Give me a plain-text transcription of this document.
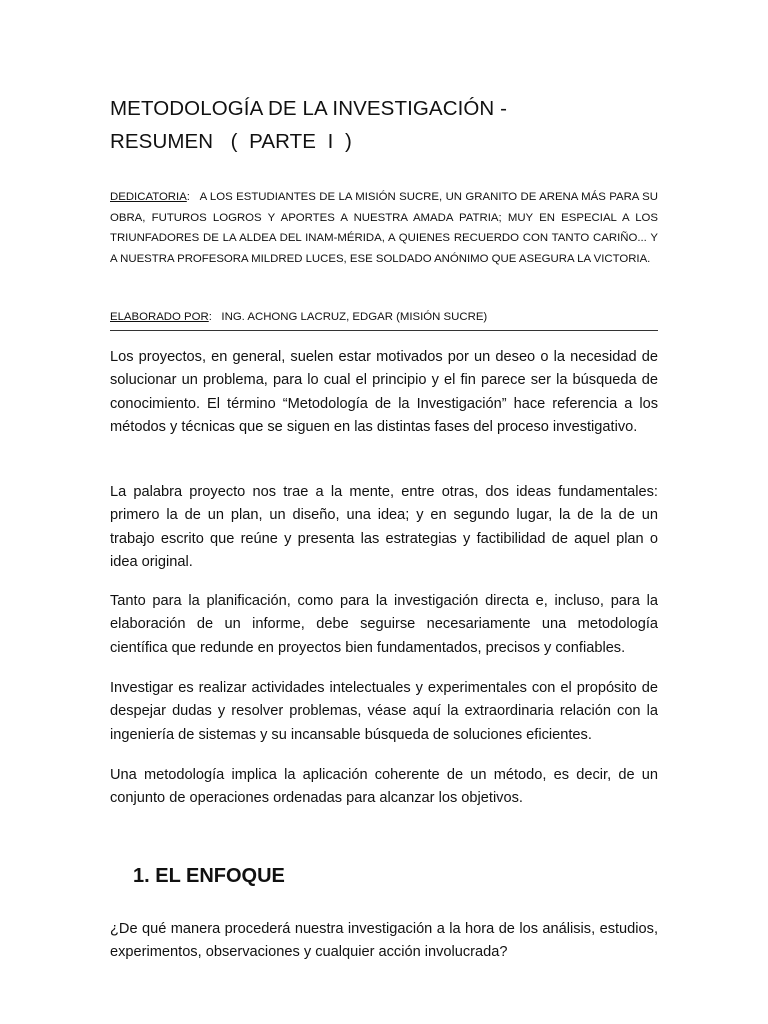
METODOLOGÍA DE LA INVESTIGACIÓN -
RESUMEN   (  PARTE  I  )

DEDICATORIA:   A LOS ESTUDIANTES DE LA MISIÓN SUCRE, UN GRANITO DE ARENA MÁS PARA SU OBRA, FUTUROS LOGROS Y APORTES A NUESTRA AMADA PATRIA; MUY EN ESPECIAL A LOS TRIUNFADORES DE LA ALDEA DEL INAM-MÉRIDA, A QUIENES RECUERDO CON TANTO CARIÑO... Y A NUESTRA PROFESORA MILDRED LUCES, ESE SOLDADO ANÓNIMO QUE ASEGURA LA VICTORIA.

ELABORADO POR:   ING. ACHONG LACRUZ, EDGAR (MISIÓN SUCRE)

Los proyectos, en general, suelen estar motivados por un deseo o la necesidad de solucionar un problema, para lo cual el principio y el fin parece ser la búsqueda de conocimiento. El término “Metodología de la Investigación” hace referencia a los métodos y técnicas que se siguen en las distintas fases del proceso investigativo.

La palabra proyecto nos trae a la mente, entre otras, dos ideas fundamentales: primero la de un plan, un diseño, una idea; y en segundo lugar, la de la de un trabajo escrito que reúne y presenta las estrategias y factibilidad de aquel plan o idea original.

Tanto para la planificación, como para la investigación directa e, incluso, para la elaboración de un informe, debe seguirse necesariamente una metodología científica que redunde en proyectos bien fundamentados, precisos y confiables.

Investigar es realizar actividades intelectuales y experimentales con el propósito de despejar dudas y resolver problemas, véase aquí la extraordinaria relación con la ingeniería de sistemas y su incansable búsqueda de soluciones eficientes.

Una metodología implica la aplicación coherente de un método, es decir, de un conjunto de operaciones ordenadas para alcanzar los objetivos.

1. EL ENFOQUE

¿De qué manera procederá nuestra investigación a la hora de los análisis, estudios, experimentos, observaciones y cualquier acción involucrada?
